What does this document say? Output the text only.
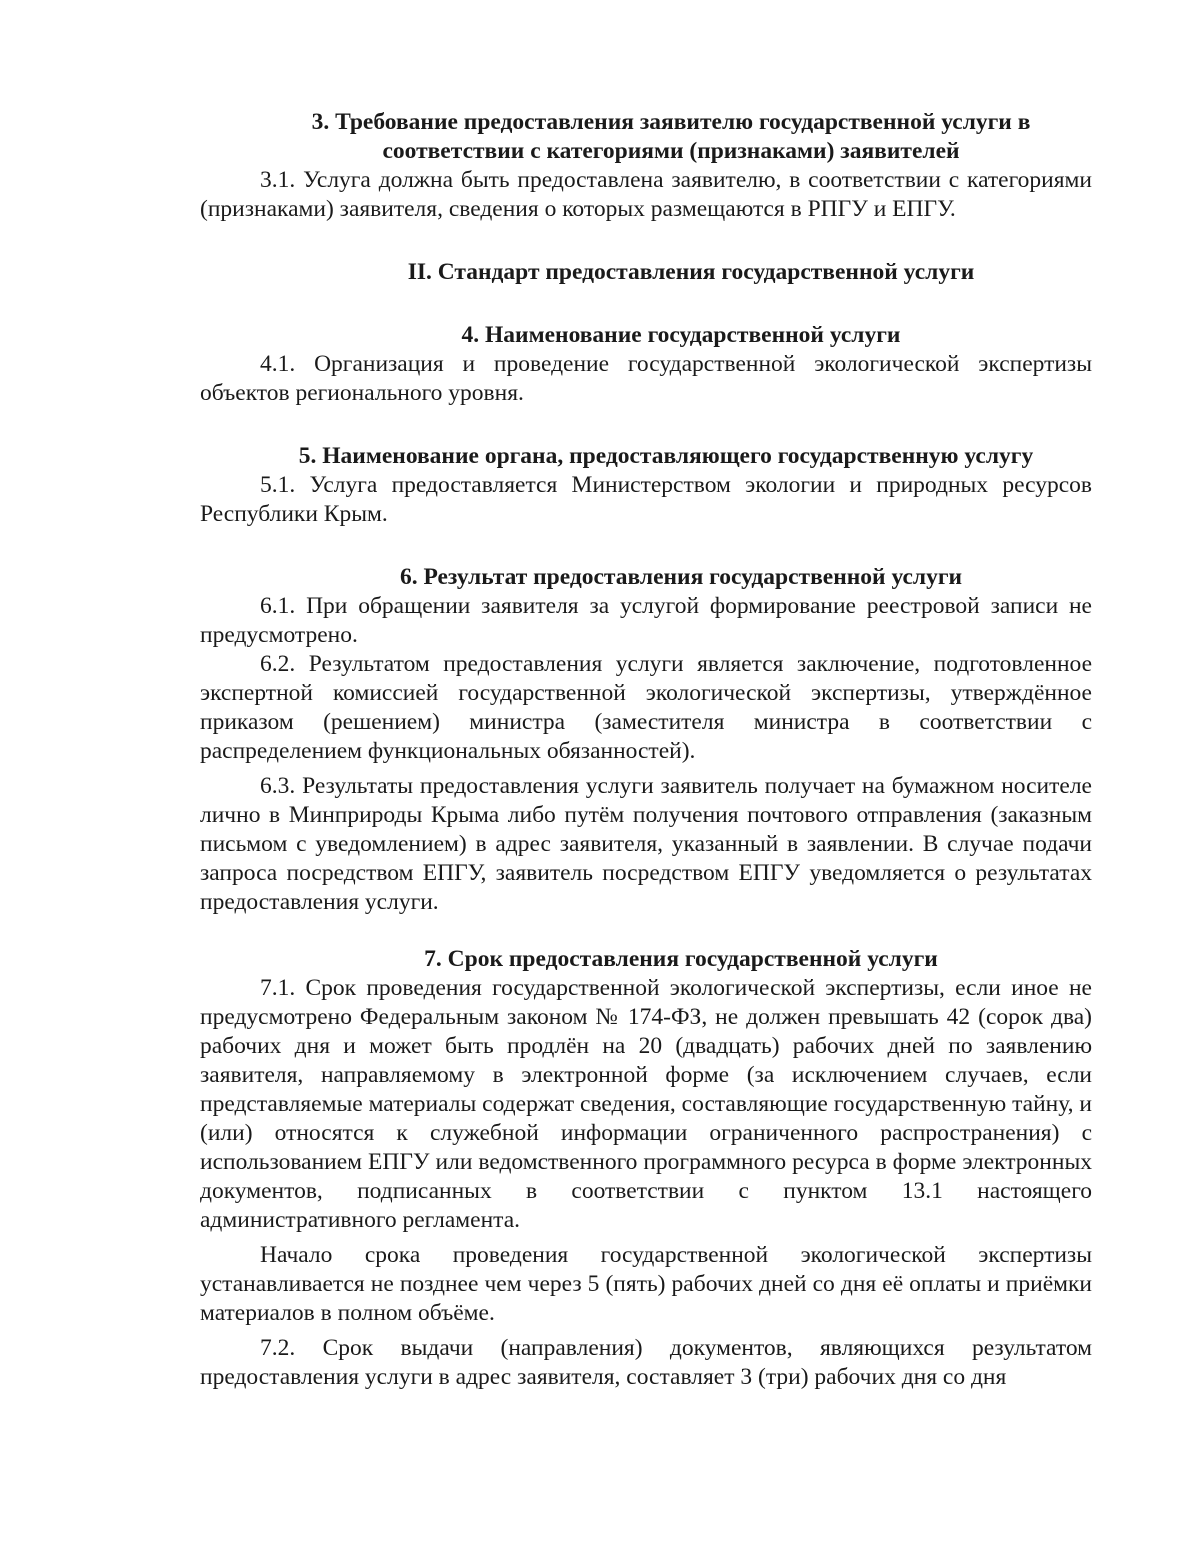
3. Требование предоставления заявителю государственной услуги в соответствии с категориями (признаками) заявителей

3.1. Услуга должна быть предоставлена заявителю, в соответствии с категориями (признаками) заявителя, сведения о которых размещаются в РПГУ и ЕПГУ.

II. Стандарт предоставления государственной услуги
4. Наименование государственной услуги

4.1. Организация и проведение государственной экологической экспертизы объектов регионального уровня.

5. Наименование органа, предоставляющего государственную услугу

5.1. Услуга предоставляется Министерством экологии и природных ресурсов Республики Крым.

6. Результат предоставления государственной услуги

6.1. При обращении заявителя за услугой формирование реестровой записи не предусмотрено.

6.2. Результатом предоставления услуги является заключение, подготовленное экспертной комиссией государственной экологической экспертизы, утверждённое приказом (решением) министра (заместителя министра в соответствии с распределением функциональных обязанностей).

6.3. Результаты предоставления услуги заявитель получает на бумажном носителе лично в Минприроды Крыма либо путём получения почтового отправления (заказным письмом с уведомлением) в адрес заявителя, указанный в заявлении. В случае подачи запроса посредством ЕПГУ, заявитель посредством ЕПГУ уведомляется о результатах предоставления услуги.

7. Срок предоставления государственной услуги

7.1. Срок проведения государственной экологической экспертизы, если иное не предусмотрено Федеральным законом № 174-ФЗ, не должен превышать 42 (сорок два) рабочих дня и может быть продлён на 20 (двадцать) рабочих дней по заявлению заявителя, направляемому в электронной форме (за исключением случаев, если представляемые материалы содержат сведения, составляющие государственную тайну, и (или) относятся к служебной информации ограниченного распространения) с использованием ЕПГУ или ведомственного программного ресурса в форме электронных документов, подписанных в соответствии с пунктом 13.1 настоящего административного регламента.

Начало срока проведения государственной экологической экспертизы устанавливается не позднее чем через 5 (пять) рабочих дней со дня её оплаты и приёмки материалов в полном объёме.

7.2. Срок выдачи (направления) документов, являющихся результатом предоставления услуги в адрес заявителя, составляет 3 (три) рабочих дня со дня
